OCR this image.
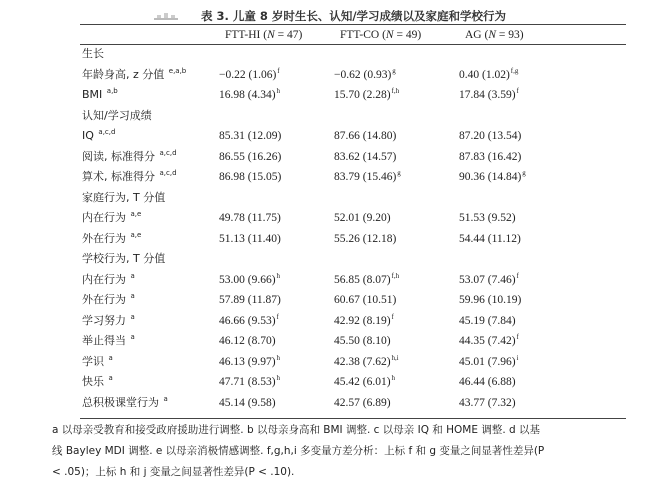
表 3. 儿童 8 岁时生长、认知/学习成绩以及家庭和学校行为
FTT-HI (N = 47)	FTT-CO (N = 49)	AG (N = 93)
生长
年龄身高, z 分值 $^{e,a,b}$	−0.22 $(1.06)^f$	−0.62 $(0.93)^g$	0.40 $(1.02)^{f,g}$
BMI $^{a,b}$	16.98 $(4.34)^h$	15.70 $(2.28)^{f,h}$	17.84 $(3.59)^f$
认知/学习成绩
IQ $^{a,c,d}$	85.31 (12.09)	87.66 (14.80)	87.20 (13.54)
阅读, 标准得分 $^{a,c,d}$	86.55 (16.26)	83.62 (14.57)	87.83 (16.42)
算术, 标准得分 $^{a,c,d}$	86.98 (15.05)	83.79 $(15.46)^g$	90.36 $(14.84)^g$
家庭行为, T 分值
内在行为 $^{a,e}$	49.78 (11.75)	52.01 (9.20)	51.53 (9.52)
外在行为 $^{a,e}$	51.13 (11.40)	55.26 (12.18)	54.44 (11.12)
学校行为, T 分值
内在行为 $^a$	53.00 $(9.66)^h$	56.85 $(8.07)^{f,h}$	53.07 $(7.46)^f$
外在行为 $^a$	57.89 (11.87)	60.67 (10.51)	59.96 (10.19)
学习努力 $^a$	46.66 $(9.53)^f$	42.92 $(8.19)^f$	45.19 (7.84)
举止得当 $^a$	46.12 (8.70)	45.50 (8.10)	44.35 $(7.42)^f$
学识 $^a$	46.13 $(9.97)^h$	42.38 $(7.62)^{h,i}$	45.01 $(7.96)^i$
快乐 $^a$	47.71 $(8.53)^h$	45.42 $(6.01)^h$	46.44 (6.88)
总积极课堂行为 $^a$	45.14 (9.58)	42.57 (6.89)	43.77 (7.32)
a 以母亲受教育和接受政府援助进行调整. b 以母亲身高和 BMI 调整. c 以母亲 IQ 和 HOME 调整. d 以基
线 Bayley MDI 调整. e 以母亲消极情感调整. f,g,h,i 多变量方差分析：上标 f 和 g 变量之间显著性差异(P
< .05)；上标 h 和 j 变量之间显著性差异(P < .10).
